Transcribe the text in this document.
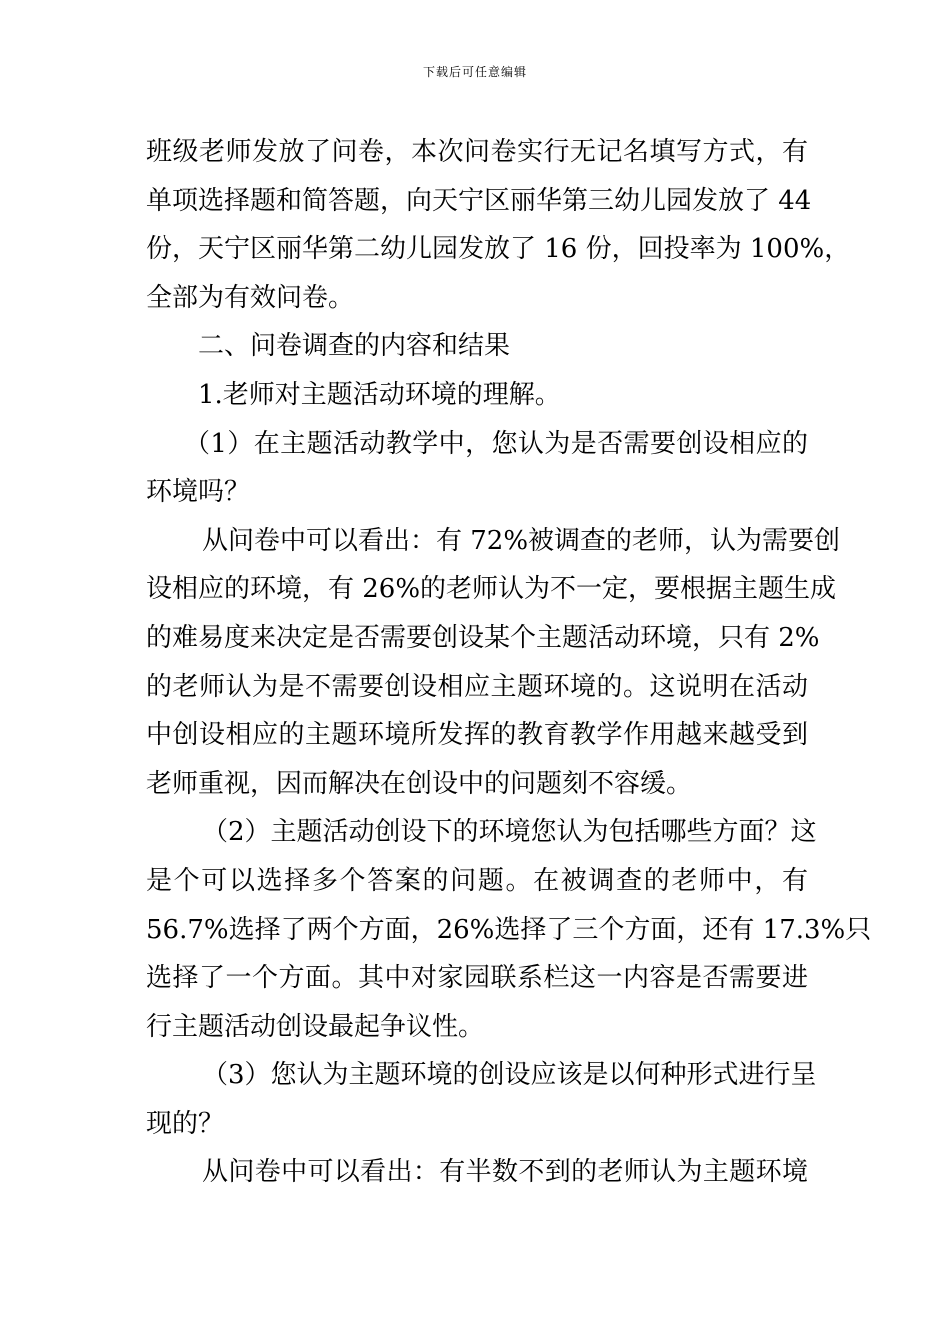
下载后可任意编辑
班级老师发放了问卷，本次问卷实行无记名填写方式，有
单项选择题和简答题，向天宁区丽华第三幼儿园发放了 44
份，天宁区丽华第二幼儿园发放了 16 份，回投率为 100%，
全部为有效问卷。
二、问卷调查的内容和结果
1.老师对主题活动环境的理解。
（1）在主题活动教学中，您认为是否需要创设相应的
环境吗？
从问卷中可以看出：有 72%被调查的老师，认为需要创
设相应的环境，有 26%的老师认为不一定，要根据主题生成
的难易度来决定是否需要创设某个主题活动环境，只有 2%
的老师认为是不需要创设相应主题环境的。这说明在活动
中创设相应的主题环境所发挥的教育教学作用越来越受到
老师重视，因而解决在创设中的问题刻不容缓。
（2）主题活动创设下的环境您认为包括哪些方面？这
是个可以选择多个答案的问题。在被调查的老师中，有
56.7%选择了两个方面，26%选择了三个方面，还有 17.3%只
选择了一个方面。其中对家园联系栏这一内容是否需要进
行主题活动创设最起争议性。
（3）您认为主题环境的创设应该是以何种形式进行呈
现的？
从问卷中可以看出：有半数不到的老师认为主题环境
